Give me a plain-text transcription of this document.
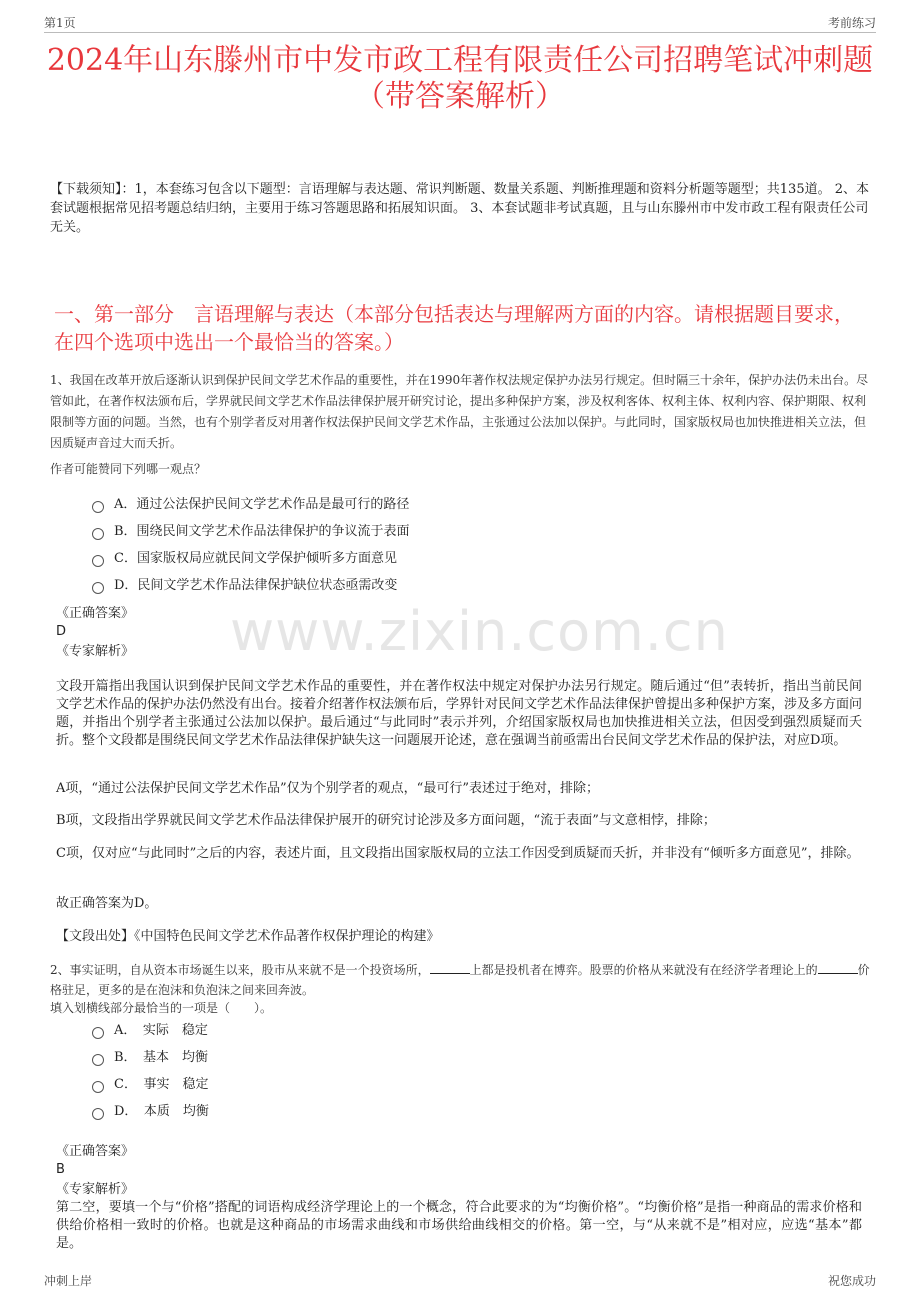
第1页	考前练习
2024年山东滕州市中发市政工程有限责任公司招聘笔试冲刺题
（带答案解析）

【下载须知】：1，本套练习包含以下题型：言语理解与表达题、常识判断题、数量关系题、判断推理题和资料分析题等题型；共135道。 2、本套试题根据常见招考题总结归纳，主要用于练习答题思路和拓展知识面。 3、本套试题非考试真题，且与山东滕州市中发市政工程有限责任公司无关。

一、第一部分　言语理解与表达（本部分包括表达与理解两方面的内容。请根据题目要求，在四个选项中选出一个最恰当的答案。）

1、我国在改革开放后逐渐认识到保护民间文学艺术作品的重要性，并在1990年著作权法规定保护办法另行规定。但时隔三十余年，保护办法仍未出台。尽管如此，在著作权法颁布后，学界就民间文学艺术作品法律保护展开研究讨论，提出多种保护方案，涉及权利客体、权利主体、权利内容、保护期限、权利限制等方面的问题。当然，也有个别学者反对用著作权法保护民间文学艺术作品，主张通过公法加以保护。与此同时，国家版权局也加快推进相关立法，但因质疑声音过大而夭折。

作者可能赞同下列哪一观点？

A．通过公法保护民间文学艺术作品是最可行的路径
B．围绕民间文学艺术作品法律保护的争议流于表面
C．国家版权局应就民间文学保护倾听多方面意见
D．民间文学艺术作品法律保护缺位状态亟需改变
《正确答案》
D
《专家解析》 www.zixin.com.cn

文段开篇指出我国认识到保护民间文学艺术作品的重要性，并在著作权法中规定对保护办法另行规定。随后通过“但”表转折，指出当前民间文学艺术作品的保护办法仍然没有出台。接着介绍著作权法颁布后，学界针对民间文学艺术作品法律保护曾提出多种保护方案，涉及多方面问题，并指出个别学者主张通过公法加以保护。最后通过“与此同时”表示并列，介绍国家版权局也加快推进相关立法，但因受到强烈质疑而夭折。整个文段都是围绕民间文学艺术作品法律保护缺失这一问题展开论述，意在强调当前亟需出台民间文学艺术作品的保护法，对应D项。

A项，“通过公法保护民间文学艺术作品”仅为个别学者的观点，“最可行”表述过于绝对，排除；

B项，文段指出学界就民间文学艺术作品法律保护展开的研究讨论涉及多方面问题，“流于表面”与文意相悖，排除；

C项，仅对应“与此同时”之后的内容，表述片面，且文段指出国家版权局的立法工作因受到质疑而夭折，并非没有“倾听多方面意见”，排除。

故正确答案为D。

【文段出处】《中国特色民间文学艺术作品著作权保护理论的构建》

2、事实证明，自从资本市场诞生以来，股市从来就不是一个投资场所，	上都是投机者在博弈。股票的价格从来就没有在经济学者理论上的	价格驻足，更多的是在泡沫和负泡沫之间来回奔波。

填入划横线部分最恰当的一项是（　　）。

A．　实际　稳定
B．　基本　均衡
C．　事实　稳定
D．　本质　均衡
《正确答案》
B
《专家解析》

第二空，要填一个与“价格”搭配的词语构成经济学理论上的一个概念，符合此要求的为“均衡价格”。“均衡价格”是指一种商品的需求价格和供给价格相一致时的价格。也就是这种商品的市场需求曲线和市场供给曲线相交的价格。第一空，与“从来就不是”相对应，应选“基本”都是。

冲刺上岸	祝您成功
